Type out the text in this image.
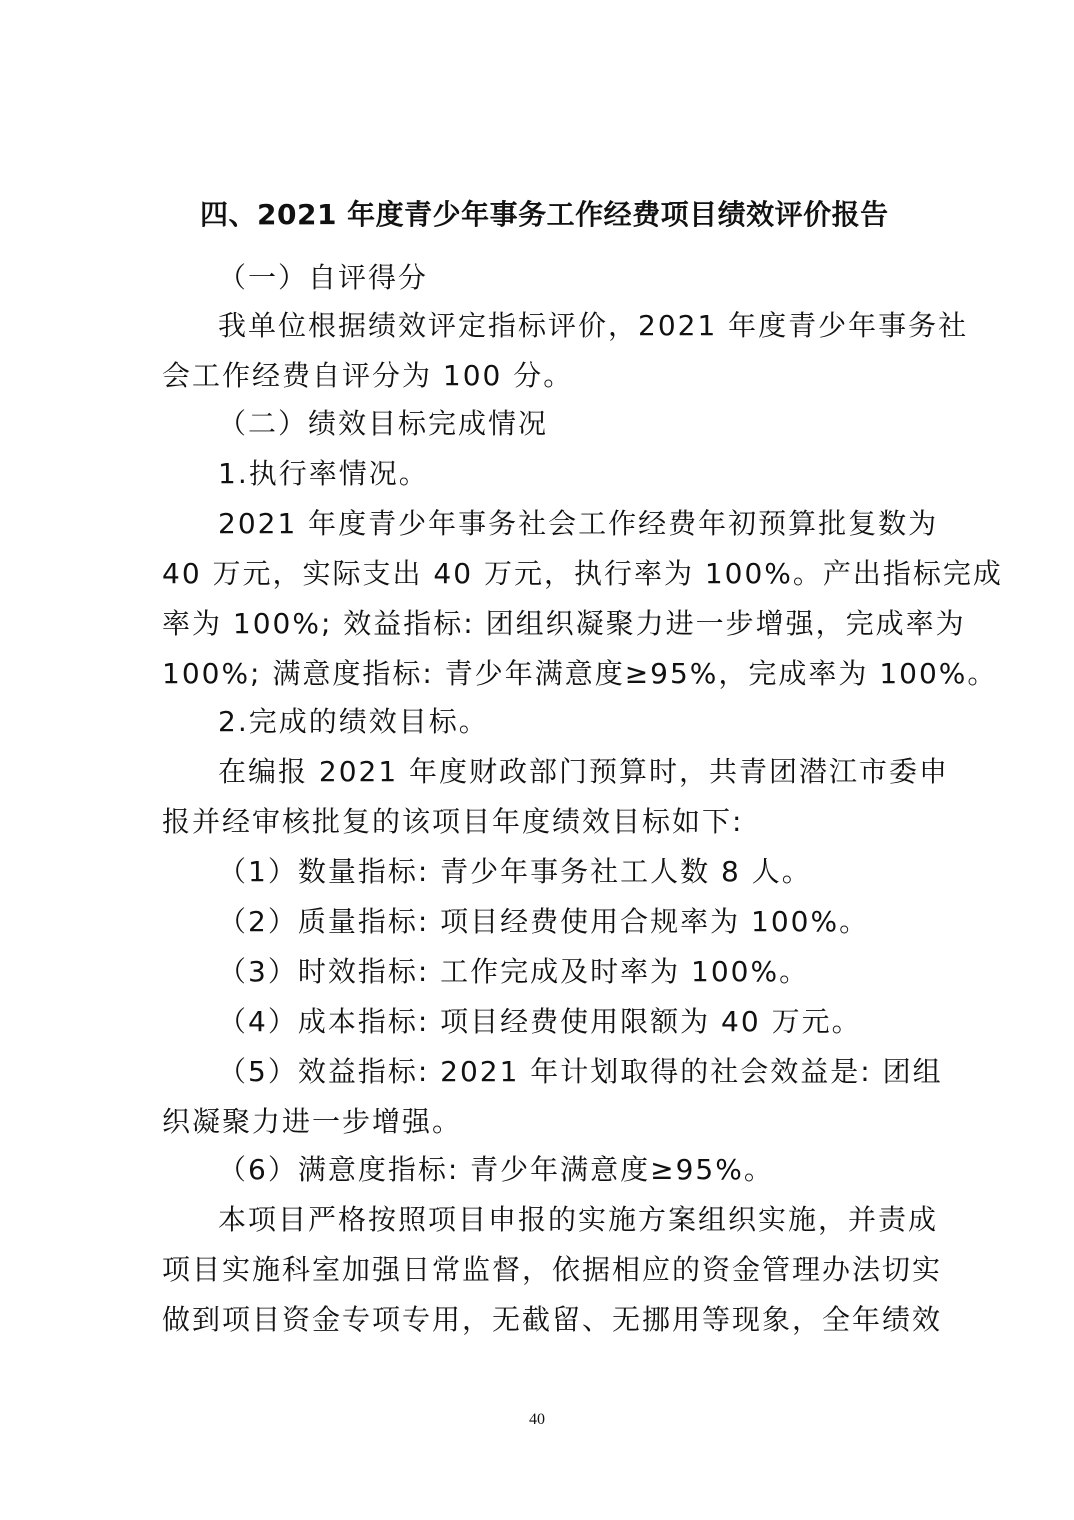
四、2021 年度青少年事务工作经费项目绩效评价报告
（一）自评得分
我单位根据绩效评定指标评价，2021 年度青少年事务社
会工作经费自评分为 100 分。
（二）绩效目标完成情况
1.执行率情况。
2021 年度青少年事务社会工作经费年初预算批复数为
40 万元，实际支出 40 万元，执行率为 100%。产出指标完成
率为 100%; 效益指标: 团组织凝聚力进一步增强，完成率为
100%; 满意度指标: 青少年满意度≥95%，完成率为 100%。
2.完成的绩效目标。
在编报 2021 年度财政部门预算时，共青团潜江市委申
报并经审核批复的该项目年度绩效目标如下:
（1）数量指标: 青少年事务社工人数 8 人。
（2）质量指标: 项目经费使用合规率为 100%。
（3）时效指标: 工作完成及时率为 100%。
（4）成本指标: 项目经费使用限额为 40 万元。
（5）效益指标: 2021 年计划取得的社会效益是: 团组
织凝聚力进一步增强。
（6）满意度指标: 青少年满意度≥95%。
本项目严格按照项目申报的实施方案组织实施，并责成
项目实施科室加强日常监督，依据相应的资金管理办法切实
做到项目资金专项专用，无截留、无挪用等现象，全年绩效
40
